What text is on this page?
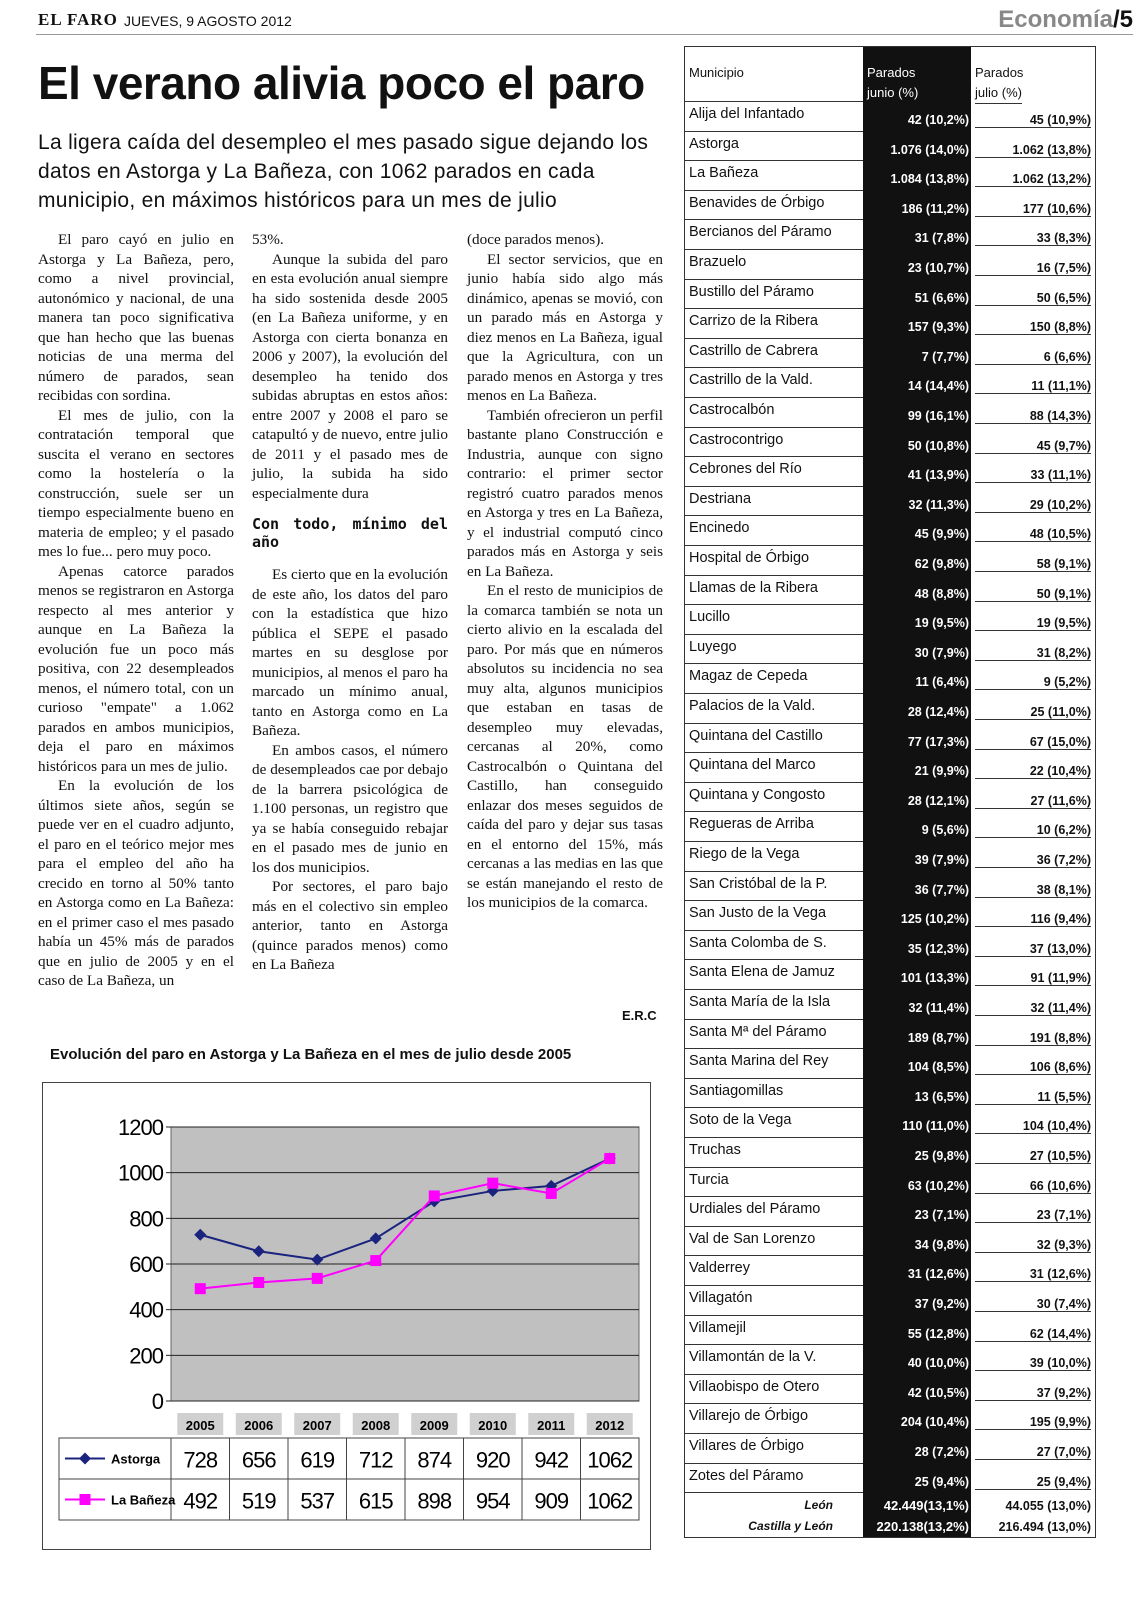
EL FARO JUEVES, 9 AGOSTO 2012	Economía/5
El verano alivia poco el paro

La ligera caída del desempleo el mes pasado sigue dejando los datos en Astorga y La Bañeza, con 1062 parados en cada municipio, en máximos históricos para un mes de julio

El paro cayó en julio en Astorga y La Bañeza, pero, como a nivel provincial, autonómico y nacional, de una manera tan poco significativa que han hecho que las buenas noticias de una merma del número de parados, sean recibidas con sordina.

El mes de julio, con la contratación temporal que suscita el verano en sectores como la hostelería o la construcción, suele ser un tiempo especialmente bueno en materia de empleo; y el pasado mes lo fue... pero muy poco.

Apenas catorce parados menos se registraron en Astorga respecto al mes anterior y aunque en La Bañeza la evolución fue un poco más positiva, con 22 desempleados menos, el número total, con un curioso "empate" a 1.062 parados en ambos municipios, deja el paro en máximos históricos para un mes de julio.

En la evolución de los últimos siete años, según se puede ver en el cuadro adjunto, el paro en el teórico mejor mes para el empleo del año ha crecido en torno al 50% tanto en Astorga como en La Bañeza: en el primer caso el mes pasado había un 45% más de parados que en julio de 2005 y en el caso de La Bañeza, un

53%.

Aunque la subida del paro en esta evolución anual siempre ha sido sostenida desde 2005 (en La Bañeza uniforme, y en Astorga con cierta bonanza en 2006 y 2007), la evolución del desempleo ha tenido dos subidas abruptas en estos años: entre 2007 y 2008 el paro se catapultó y de nuevo, entre julio de 2011 y el pasado mes de julio, la subida ha sido especialmente dura

Con todo, mínimo del año

Es cierto que en la evolución de este año, los datos del paro con la estadística que hizo pública el SEPE el pasado martes en su desglose por municipios, al menos el paro ha marcado un mínimo anual, tanto en Astorga como en La Bañeza.

En ambos casos, el número de desempleados cae por debajo de la barrera psicológica de 1.100 personas, un registro que ya se había conseguido rebajar en el pasado mes de junio en los dos municipios.

Por sectores, el paro bajo más en el colectivo sin empleo anterior, tanto en Astorga (quince parados menos) como en La Bañeza

(doce parados menos).

El sector servicios, que en junio había sido algo más dinámico, apenas se movió, con un parado más en Astorga y diez menos en La Bañeza, igual que la Agricultura, con un parado menos en Astorga y tres menos en La Bañeza.

También ofrecieron un perfil bastante plano Construcción e Industria, aunque con signo contrario: el primer sector registró cuatro parados menos en Astorga y tres en La Bañeza, y el industrial computó cinco parados más en Astorga y seis en La Bañeza.

En el resto de municipios de la comarca también se nota un cierto alivio en la escalada del paro. Por más que en números absolutos su incidencia no sea muy alta, algunos municipios que estaban en tasas de desempleo muy elevadas, cercanas al 20%, como Castrocalbón o Quintana del Castillo, han conseguido enlazar dos meses seguidos de caída del paro y dejar sus tasas en el entorno del 15%, más cercanas a las medias en las que se están manejando el resto de los municipios de la comarca.

E.R.C
Evolución del paro en Astorga y La Bañeza en el mes de julio desde 2005
0
200
400
600
800
1000
1200
2005 2006 2007 2008 2009 2010 2011 2012
Astorga 728 656 619 712 874 920 942 1062
La Bañeza 492 519 537 615 898 954 909 1062
Municipio	Parados
junio (%)
Parados
julio (%)
Alija del Infantado	42 (10,2%)	45 (10,9%)
Astorga	1.076 (14,0%)	1.062 (13,8%)
La Bañeza	1.084 (13,8%)	1.062 (13,2%)
Benavides de Órbigo	186 (11,2%)	177 (10,6%)
Bercianos del Páramo	31 (7,8%)	33 (8,3%)
Brazuelo	23 (10,7%)	16 (7,5%)
Bustillo del Páramo	51 (6,6%)	50 (6,5%)
Carrizo de la Ribera	157 (9,3%)	150 (8,8%)
Castrillo de Cabrera	7 (7,7%)	6 (6,6%)
Castrillo de la Vald.	14 (14,4%)	11 (11,1%)
Castrocalbón	99 (16,1%)	88 (14,3%)
Castrocontrigo	50 (10,8%)	45 (9,7%)
Cebrones del Río	41 (13,9%)	33 (11,1%)
Destriana	32 (11,3%)	29 (10,2%)
Encinedo	45 (9,9%)	48 (10,5%)
Hospital de Órbigo	62 (9,8%)	58 (9,1%)
Llamas de la Ribera	48 (8,8%)	50 (9,1%)
Lucillo	19 (9,5%)	19 (9,5%)
Luyego	30 (7,9%)	31 (8,2%)
Magaz de Cepeda	11 (6,4%)	9 (5,2%)
Palacios de la Vald.	28 (12,4%)	25 (11,0%)
Quintana del Castillo	77 (17,3%)	67 (15,0%)
Quintana del Marco	21 (9,9%)	22 (10,4%)
Quintana y Congosto	28 (12,1%)	27 (11,6%)
Regueras de Arriba	9 (5,6%)	10 (6,2%)
Riego de la Vega	39 (7,9%)	36 (7,2%)
San Cristóbal de la P.	36 (7,7%)	38 (8,1%)
San Justo de la Vega	125 (10,2%)	116 (9,4%)
Santa Colomba de S.	35 (12,3%)	37 (13,0%)
Santa Elena de Jamuz	101 (13,3%)	91 (11,9%)
Santa María de la Isla	32 (11,4%)	32 (11,4%)
Santa Mª del Páramo	189 (8,7%)	191 (8,8%)
Santa Marina del Rey	104 (8,5%)	106 (8,6%)
Santiagomillas	13 (6,5%)	11 (5,5%)
Soto de la Vega	110 (11,0%)	104 (10,4%)
Truchas	25 (9,8%)	27 (10,5%)
Turcia	63 (10,2%)	66 (10,6%)
Urdiales del Páramo	23 (7,1%)	23 (7,1%)
Val de San Lorenzo	34 (9,8%)	32 (9,3%)
Valderrey	31 (12,6%)	31 (12,6%)
Villagatón	37 (9,2%)	30 (7,4%)
Villamejil	55 (12,8%)	62 (14,4%)
Villamontán de la V.	40 (10,0%)	39 (10,0%)
Villaobispo de Otero	42 (10,5%)	37 (9,2%)
Villarejo de Órbigo	204 (10,4%)	195 (9,9%)
Villares de Órbigo	28 (7,2%)	27 (7,0%)
Zotes del Páramo	25 (9,4%)	25 (9,4%)
León	42.449(13,1%)	44.055 (13,0%)
Castilla y León	220.138(13,2%)	216.494 (13,0%)
